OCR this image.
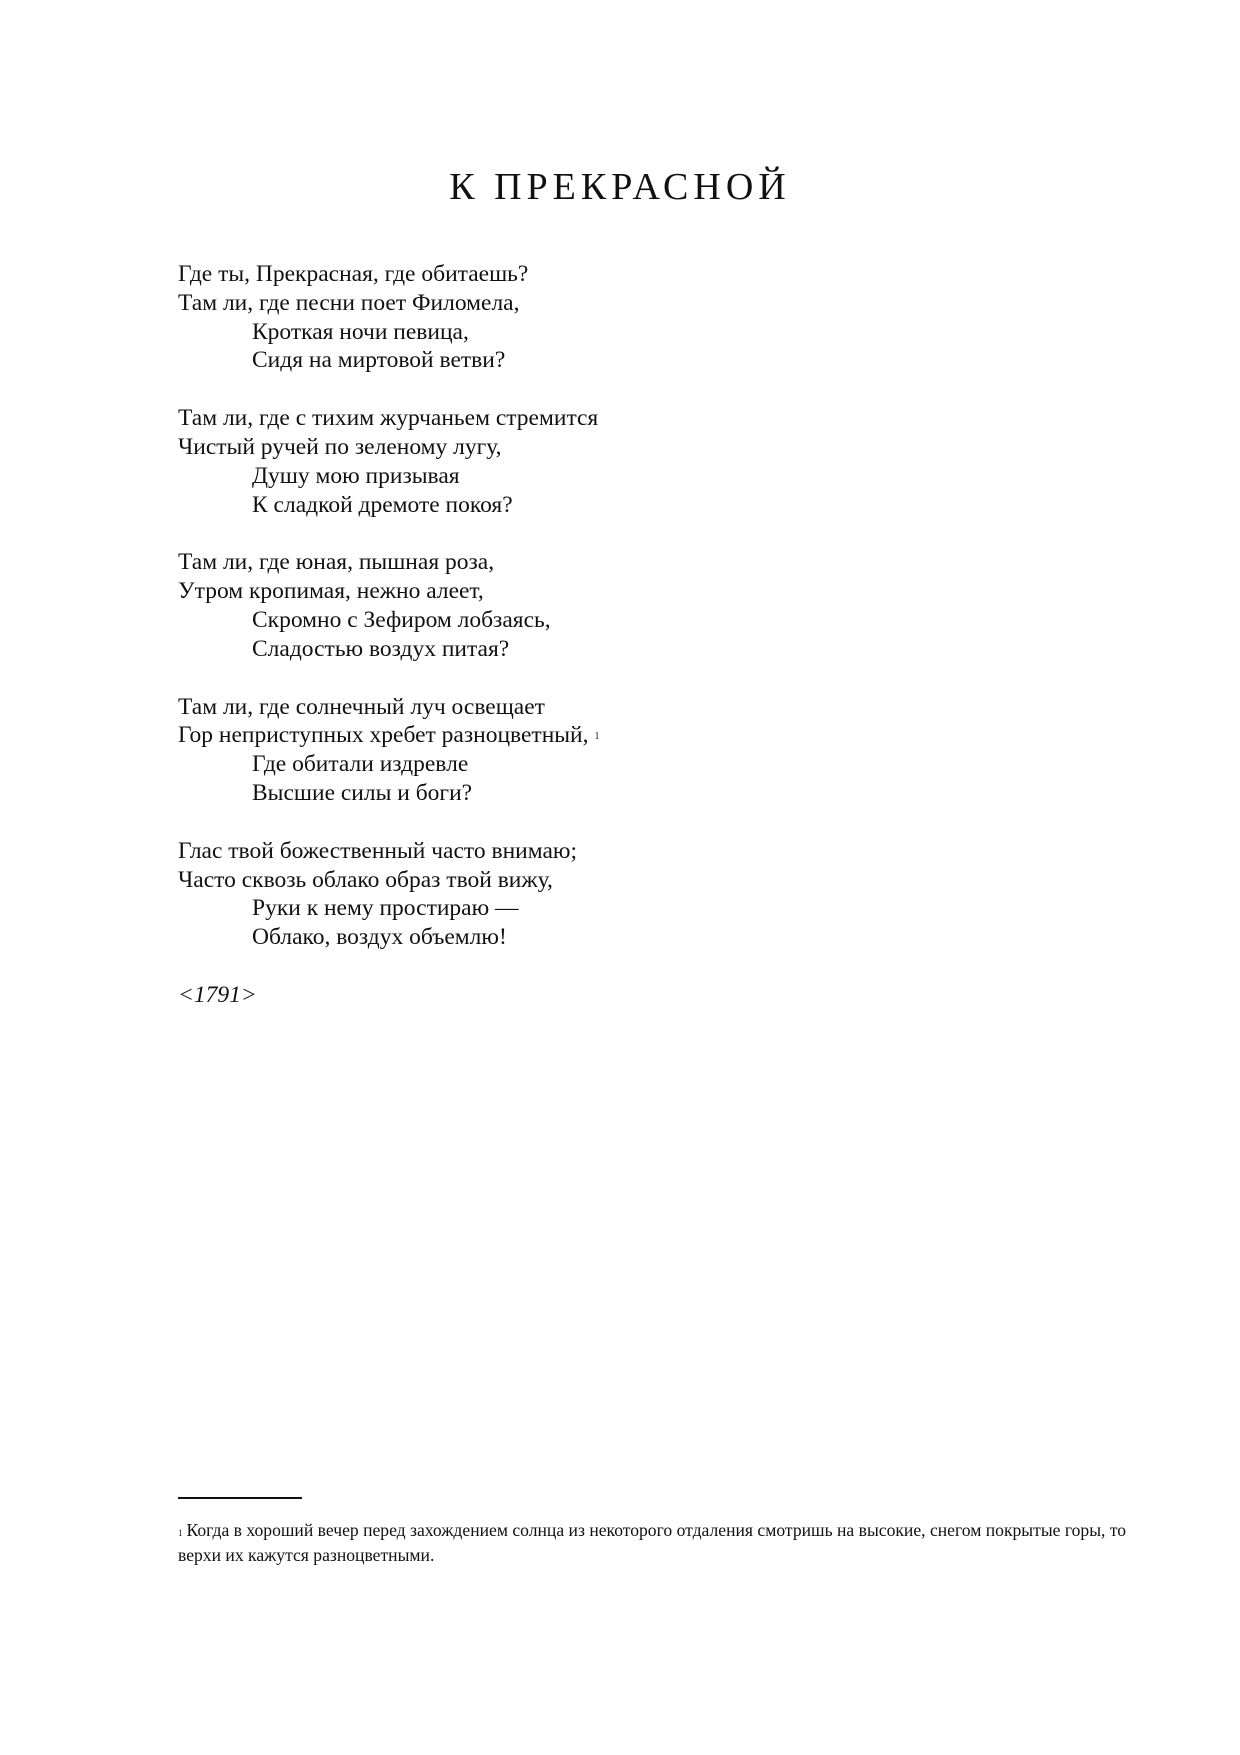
К ПРЕКРАСНОЙ
Где ты, Прекрасная, где обитаешь?
Там ли, где песни поет Филомела,
Кроткая ночи певица,
Сидя на миртовой ветви?
Там ли, где с тихим журчаньем стремится
Чистый ручей по зеленому лугу,
Душу мою призывая
К сладкой дремоте покоя?
Там ли, где юная, пышная роза,
Утром кропимая, нежно алеет,
Скромно с Зефиром лобзаясь,
Сладостью воздух питая?
Там ли, где солнечный луч освещает
Гор неприступных хребет разноцветный, $^1$
Где обитали издревле
Высшие силы и боги?
Глас твой божественный часто внимаю;
Часто сквозь облако образ твой вижу,
Руки к нему простираю —
Облако, воздух объемлю!
<1791>
$^1$ Когда в хороший вечер перед захождением солнца из некоторого отдаления смотришь на высокие, снегом покрытые горы, то верхи их кажутся разноцветными.
